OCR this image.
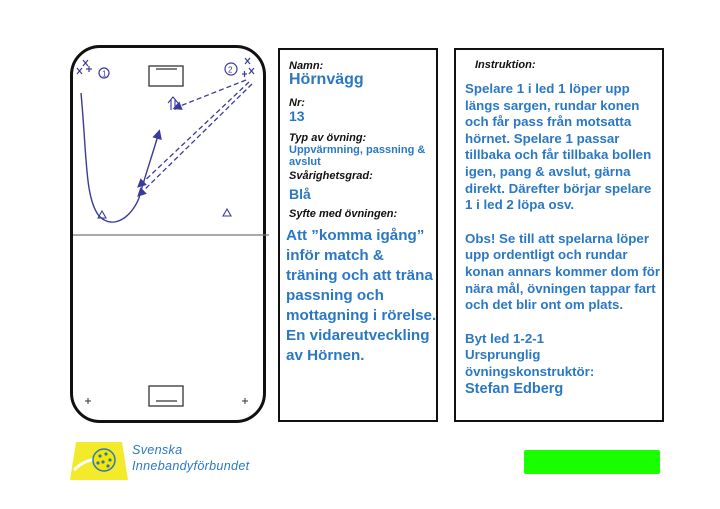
1	2	Namn:
Hörnvägg
Nr:
13
Typ av övning:
Uppvärmning, passning & avslut
Svårighetsgrad:
Blå
Syfte med övningen:
Att ”komma igång” inför match & träning och att träna passning och mottagning i rörelse. En vidareutveckling av Hörnen.
Instruktion:

Spelare 1 i led 1 löper upp längs sargen, rundar konen och får pass från motsatta hörnet. Spelare 1 passar tillbaka och får tillbaka bollen igen, pang & avslut, gärna direkt. Därefter börjar spelare 1 i led 2 löpa osv.

Obs! Se till att spelarna löper upp ordentligt och rundar konan annars kommer dom för nära mål, övningen tappar fart och det blir ont om plats.

Byt led 1-2-1
Ursprunglig övningskonstruktör:
Stefan Edberg
Svenska
Innebandyförbundet
